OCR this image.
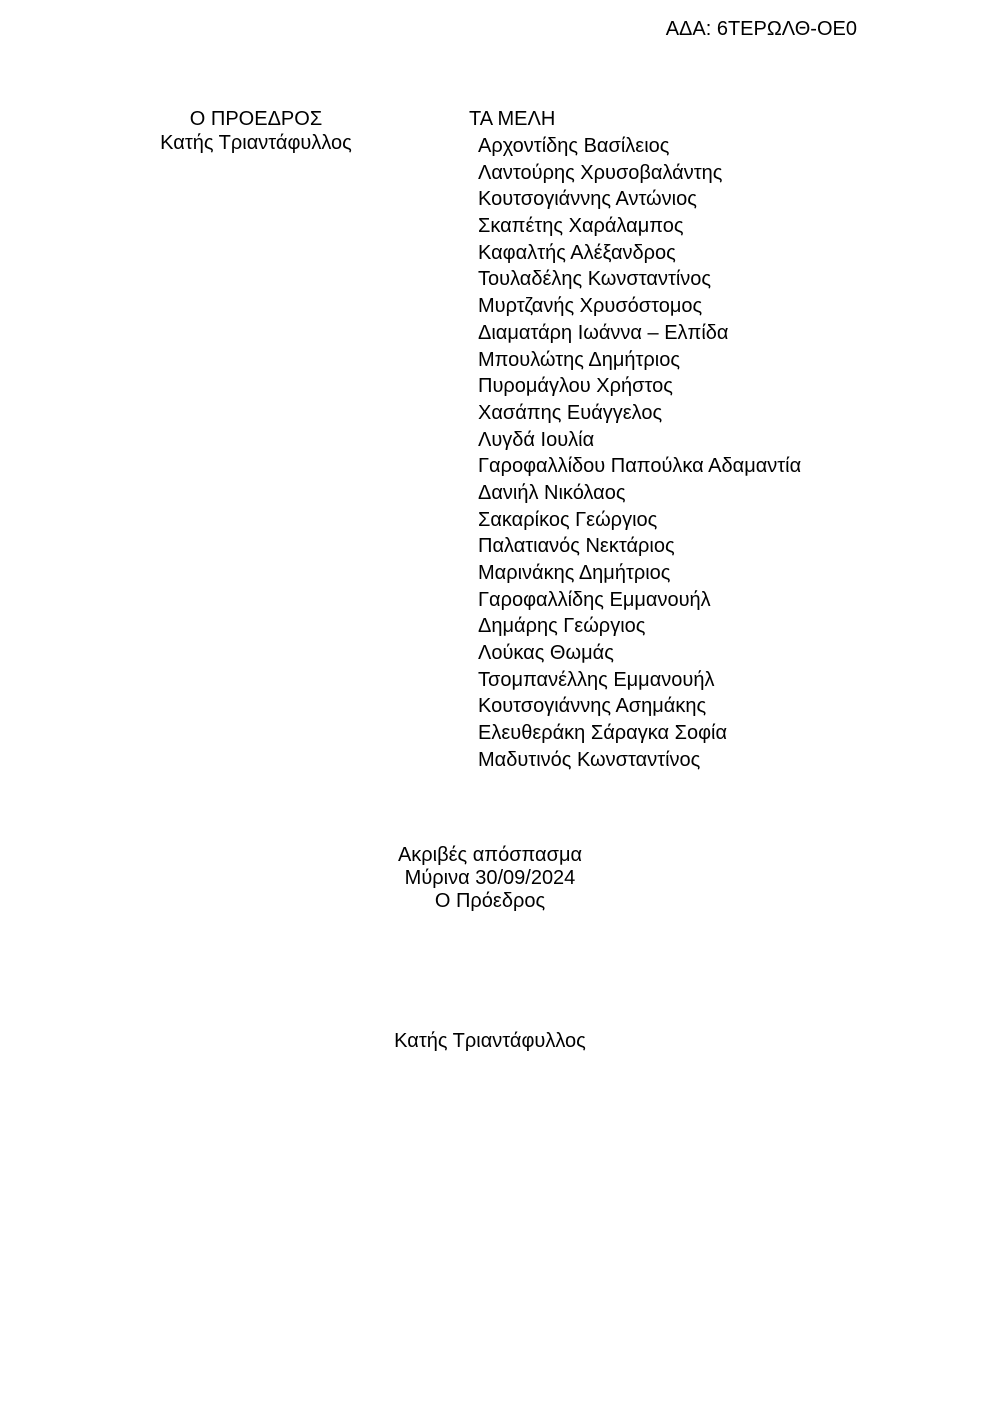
ΑΔΑ: 6ΤΕΡΩΛΘ-ΟΕ0
Ο ΠΡΟΕΔΡΟΣ
Κατής Τριαντάφυλλος
ΤΑ ΜΕΛΗ
Αρχοντίδης Βασίλειος
Λαντούρης Χρυσοβαλάντης
Κουτσογιάννης Αντώνιος
Σκαπέτης Χαράλαμπος
Καφαλτής Αλέξανδρος
Τουλαδέλης Κωνσταντίνος
Μυρτζανής Χρυσόστομος
Διαματάρη Ιωάννα – Ελπίδα
Μπουλώτης Δημήτριος
Πυρομάγλου Χρήστος
Χασάπης Ευάγγελος
Λυγδά Ιουλία
Γαροφαλλίδου Παπούλκα Αδαμαντία
Δανιήλ Νικόλαος
Σακαρίκος Γεώργιος
Παλατιανός Νεκτάριος
Μαρινάκης Δημήτριος
Γαροφαλλίδης Εμμανουήλ
Δημάρης Γεώργιος
Λούκας Θωμάς
Τσομπανέλλης Εμμανουήλ
Κουτσογιάννης Ασημάκης
Ελευθεράκη Σάραγκα Σοφία
Μαδυτινός Κωνσταντίνος
Ακριβές απόσπασμα
Μύρινα 30/09/2024
Ο Πρόεδρος
Κατής Τριαντάφυλλος
